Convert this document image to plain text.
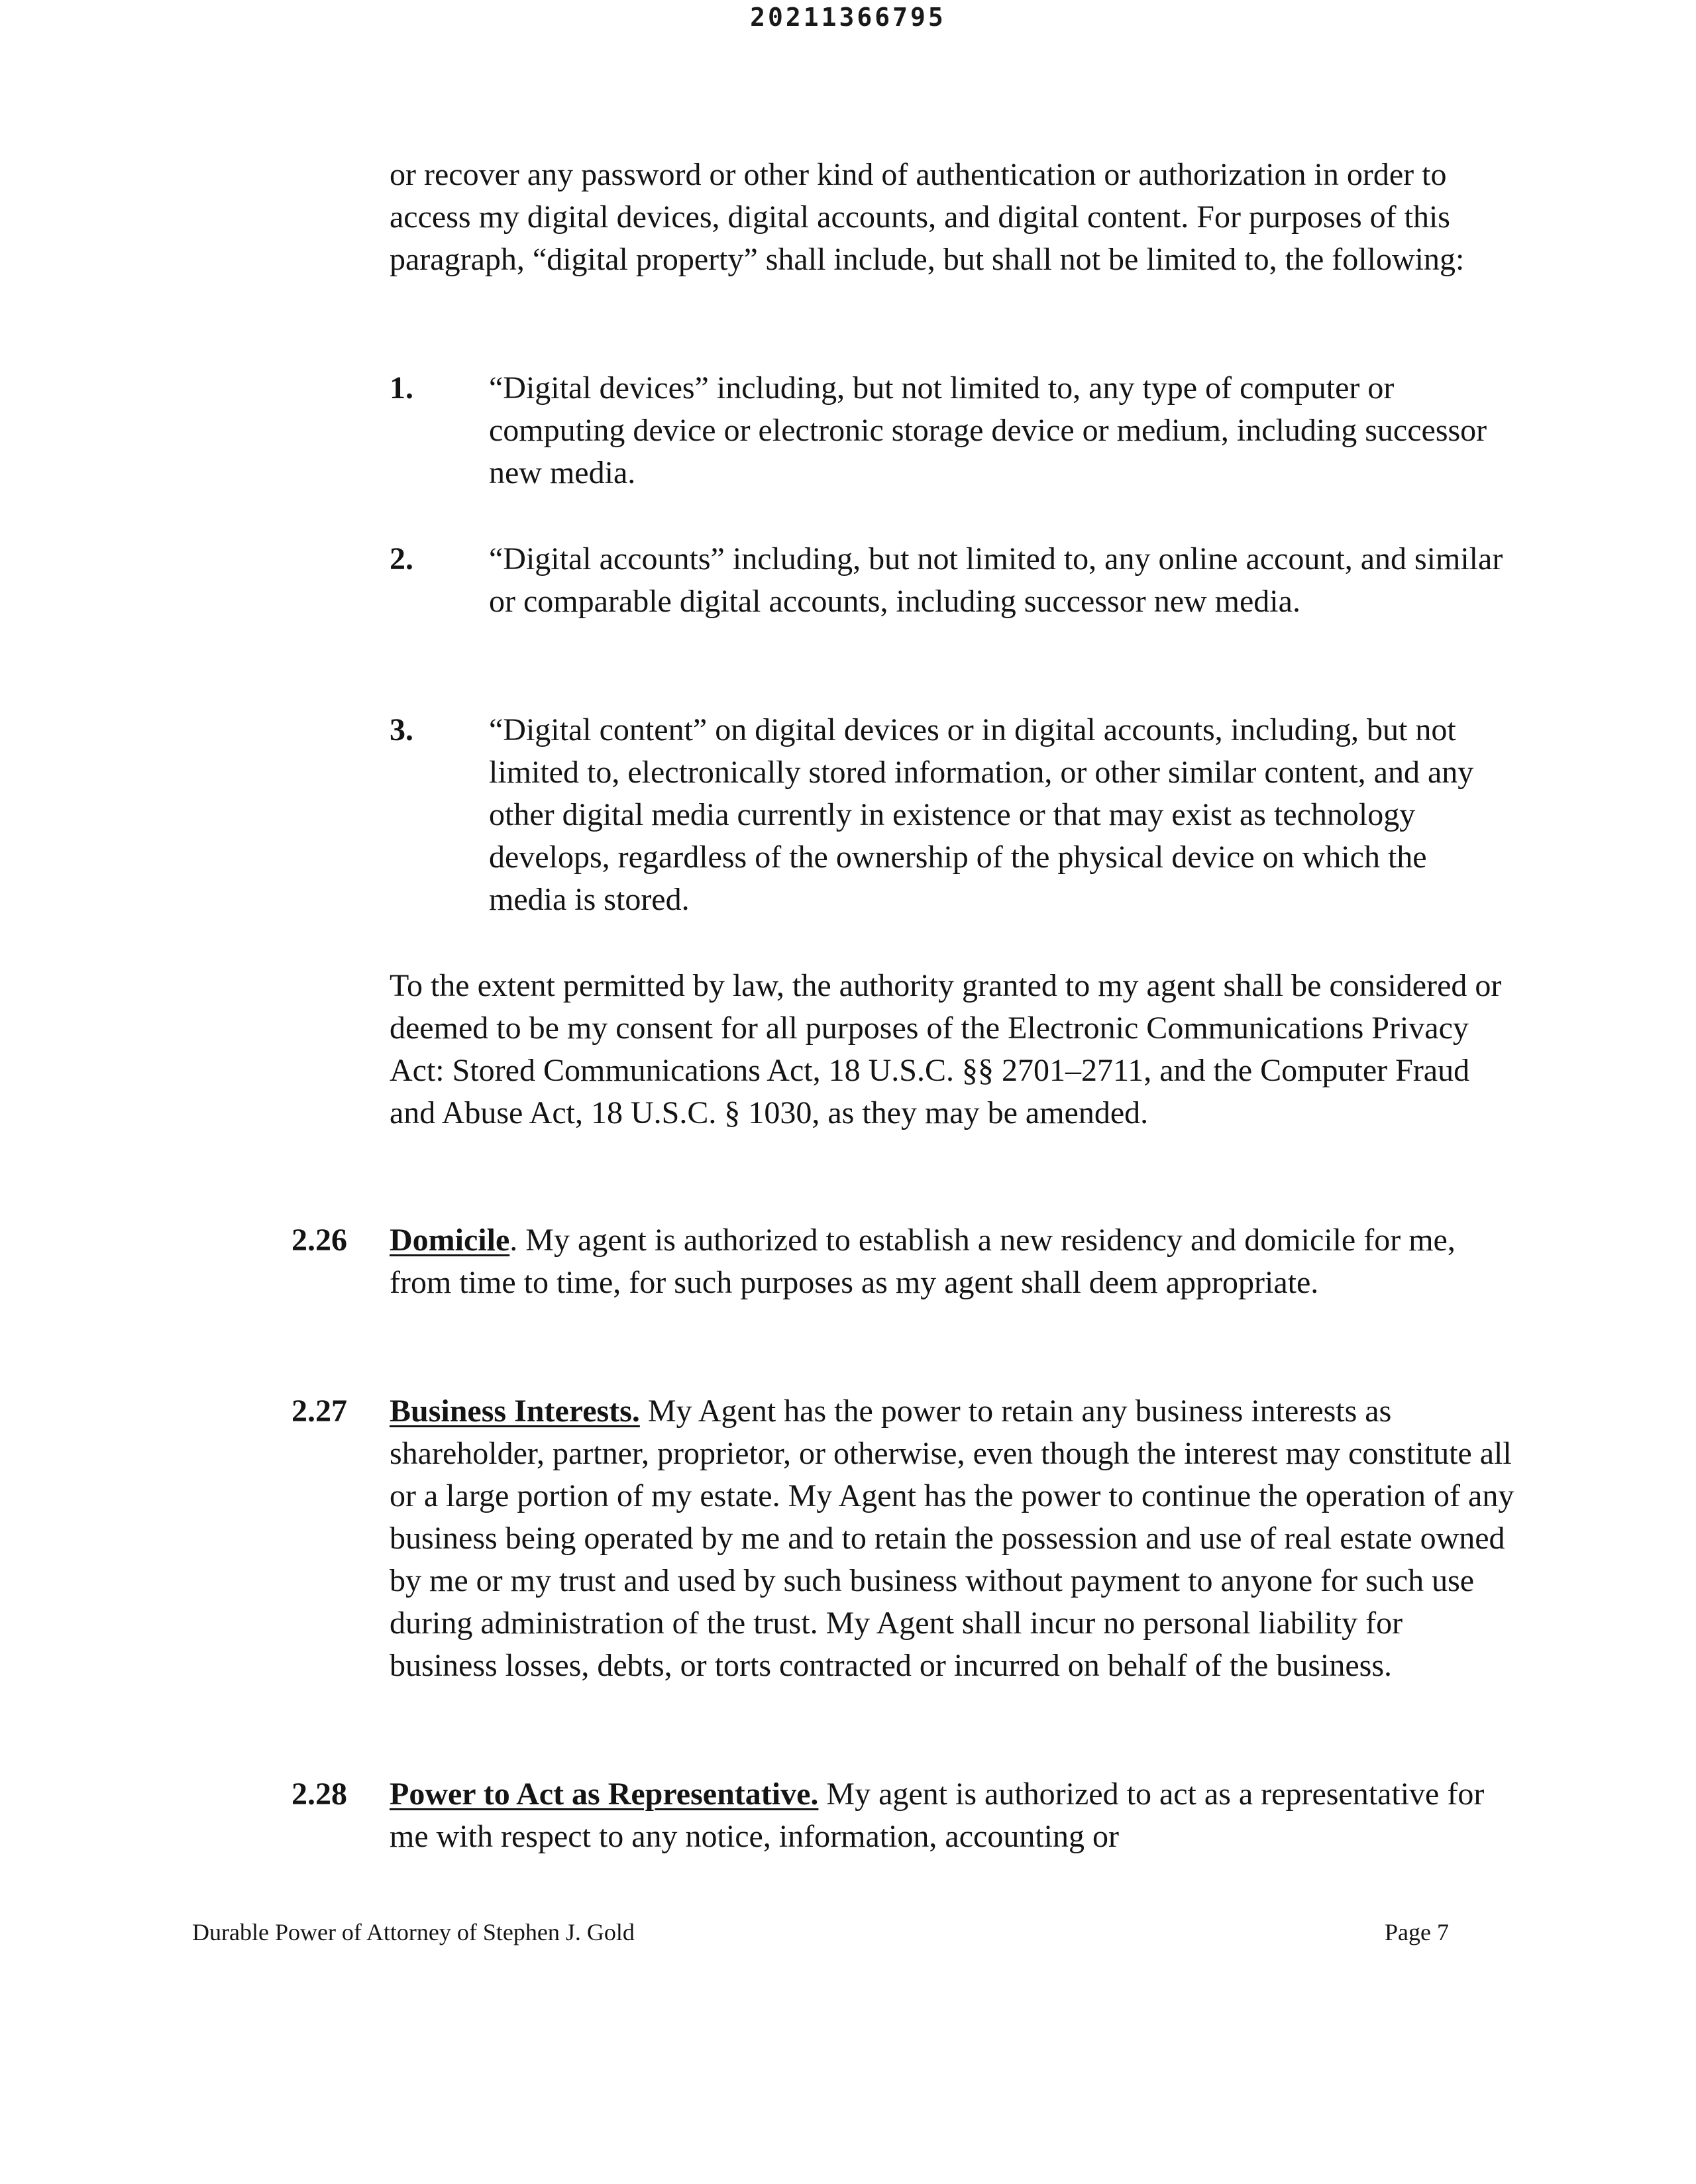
20211366795

or recover any password or other kind of authentication or authorization in order to access my digital devices, digital accounts, and digital content. For purposes of this paragraph, “digital property” shall include, but shall not be limited to, the following:

1. “Digital devices” including, but not limited to, any type of computer or computing device or electronic storage device or medium, including successor new media.
2. “Digital accounts” including, but not limited to, any online account, and similar or comparable digital accounts, including successor new media.
3. “Digital content” on digital devices or in digital accounts, including, but not limited to, electronically stored information, or other similar content, and any other digital media currently in existence or that may exist as technology develops, regardless of the ownership of the physical device on which the media is stored.

To the extent permitted by law, the authority granted to my agent shall be considered or deemed to be my consent for all purposes of the Electronic Communications Privacy Act: Stored Communications Act, 18 U.S.C. §§ 2701–2711, and the Computer Fraud and Abuse Act, 18 U.S.C. § 1030, as they may be amended.

2.26 Domicile. My agent is authorized to establish a new residency and domicile for me, from time to time, for such purposes as my agent shall deem appropriate.
2.27 Business Interests. My Agent has the power to retain any business interests as shareholder, partner, proprietor, or otherwise, even though the interest may constitute all or a large portion of my estate. My Agent has the power to continue the operation of any business being operated by me and to retain the possession and use of real estate owned by me or my trust and used by such business without payment to anyone for such use during administration of the trust. My Agent shall incur no personal liability for business losses, debts, or torts contracted or incurred on behalf of the business.
2.28 Power to Act as Representative. My agent is authorized to act as a representative for me with respect to any notice, information, accounting or
Durable Power of Attorney of Stephen J. Gold	Page 7
